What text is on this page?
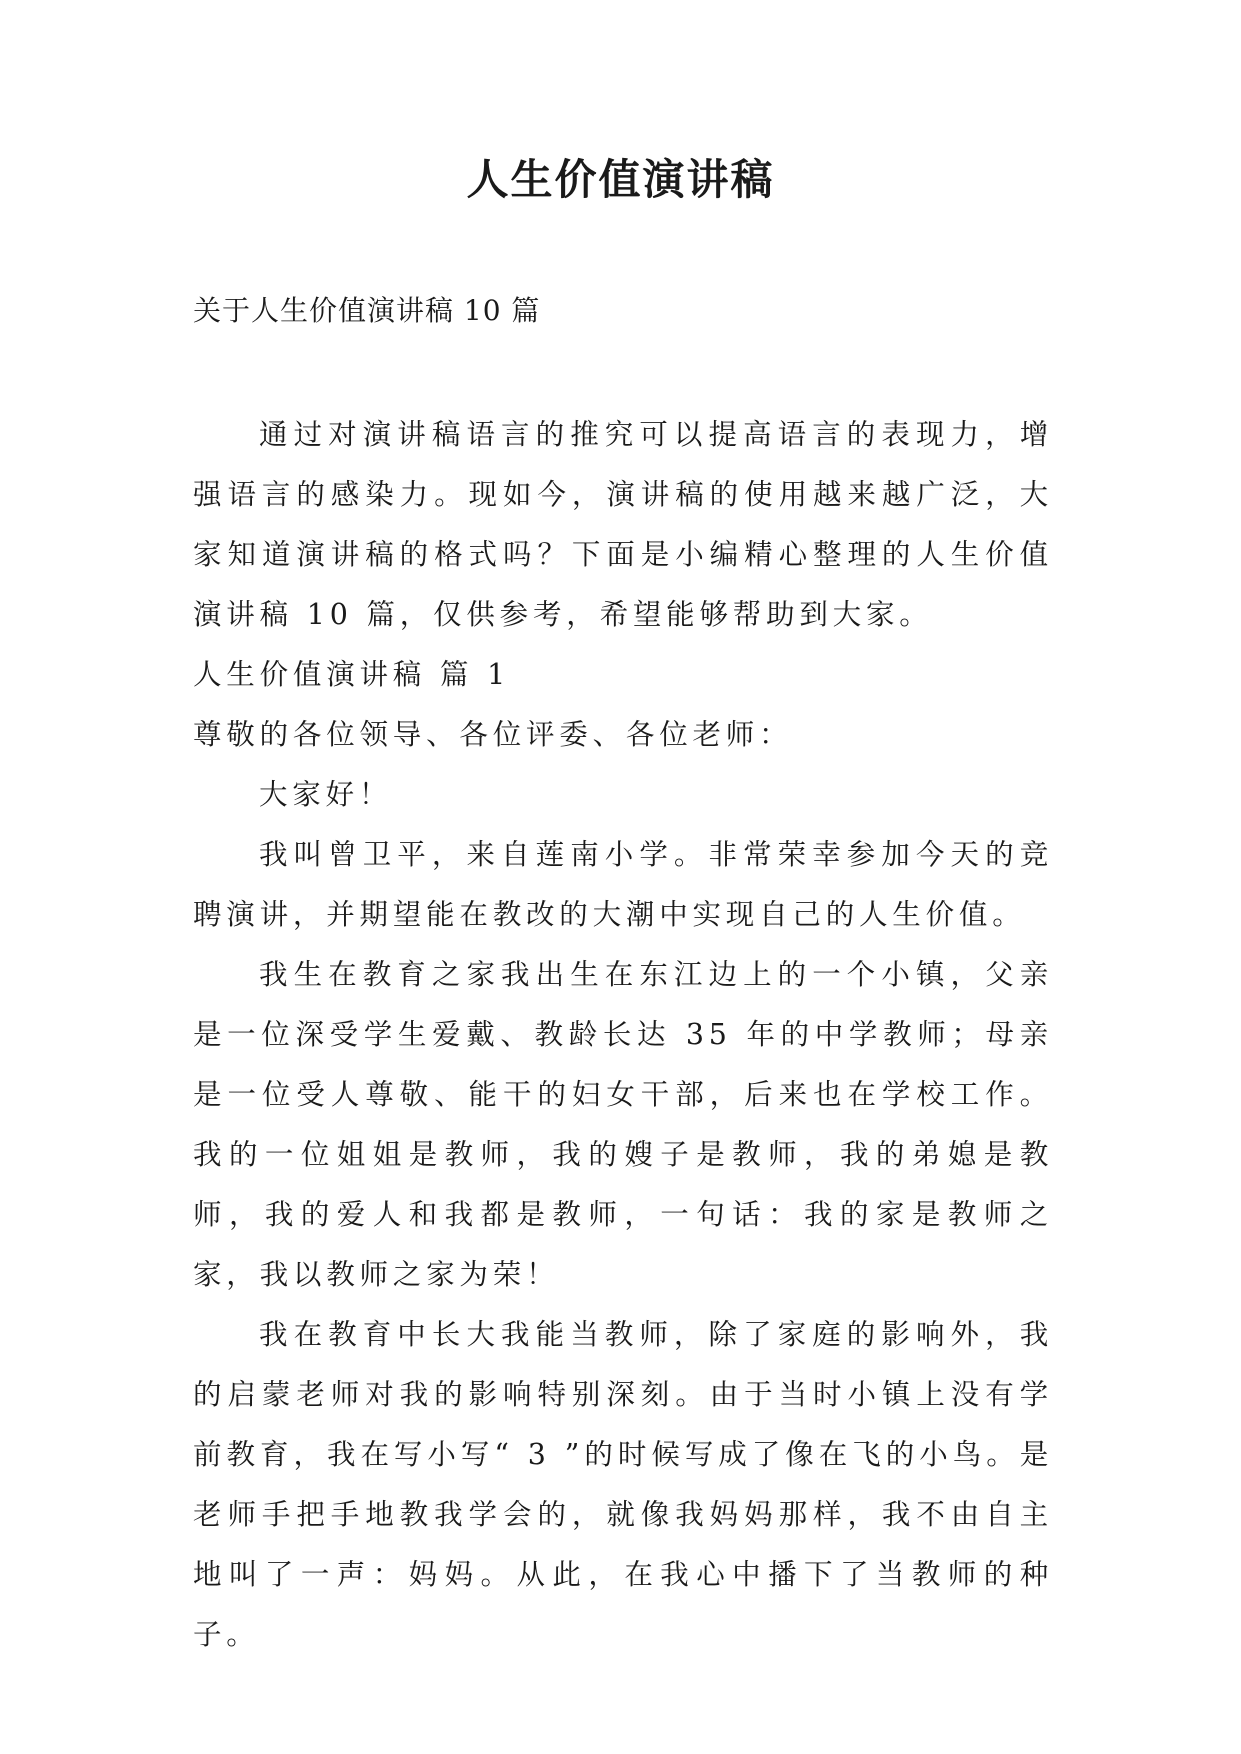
人生价值演讲稿

关于人生价值演讲稿 10 篇

通过对演讲稿语言的推究可以提高语言的表现力，增强语言的感染力。现如今，演讲稿的使用越来越广泛，大家知道演讲稿的格式吗？下面是小编精心整理的人生价值演讲稿 10 篇，仅供参考，希望能够帮助到大家。

人生价值演讲稿 篇 1

尊敬的各位领导、各位评委、各位老师：

大家好！

我叫曾卫平，来自莲南小学。非常荣幸参加今天的竞聘演讲，并期望能在教改的大潮中实现自己的人生价值。

我生在教育之家我出生在东江边上的一个小镇，父亲是一位深受学生爱戴、教龄长达 35 年的中学教师；母亲是一位受人尊敬、能干的妇女干部，后来也在学校工作。我的一位姐姐是教师，我的嫂子是教师，我的弟媳是教师，我的爱人和我都是教师，一句话：我的家是教师之家，我以教师之家为荣！

我在教育中长大我能当教师，除了家庭的影响外，我的启蒙老师对我的影响特别深刻。由于当时小镇上没有学前教育，我在写小写“ 3 ”的时候写成了像在飞的小鸟。是老师手把手地教我学会的，就像我妈妈那样，我不由自主地叫了一声：妈妈。从此，在我心中播下了当教师的种子。
